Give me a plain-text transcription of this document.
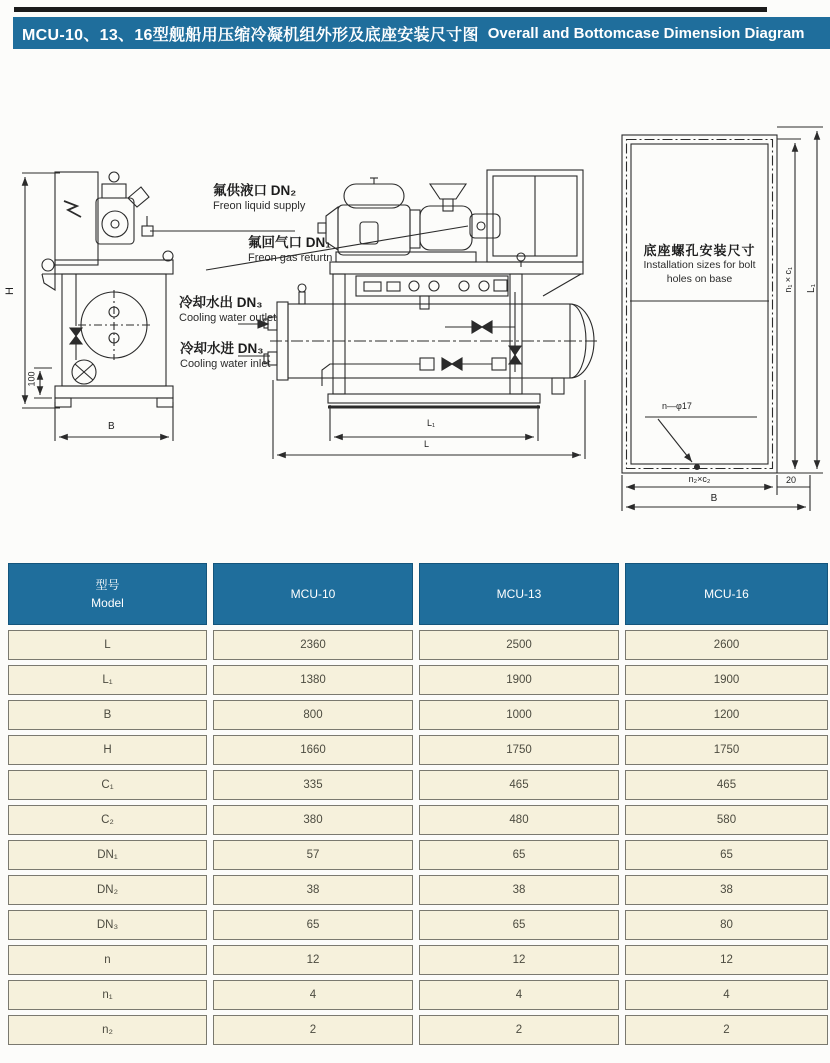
MCU-10、13、16型舰船用压缩冷凝机组外形及底座安装尺寸图 Overall and Bottomcase Dimension Diagram
氟供液口 DN₂
Freon liquid supply
氟回气口 DN₁
Freon gas returtn
冷却水出 DN₃
Cooling water outlet
冷却水进 DN₃
Cooling water inlet
底座螺孔安装尺寸
Installation sizes for bolt
holes on base
n—φ17
n₂×c₂	20
B
n₁×c₁ L₁
H
100
B	L₁
L
型号
Model
MCU-10	MCU-13	MCU-16
L	2360	2500	2600
L₁	1380	1900	1900
B	800	1000	1200
H	1660	1750	1750
C₁	335	465	465
C₂	380	480	580
DN₁	57	65	65
DN₂	38	38	38
DN₃	65	65	80
n	12	12	12
n₁	4	4	4
n₂	2	2	2
